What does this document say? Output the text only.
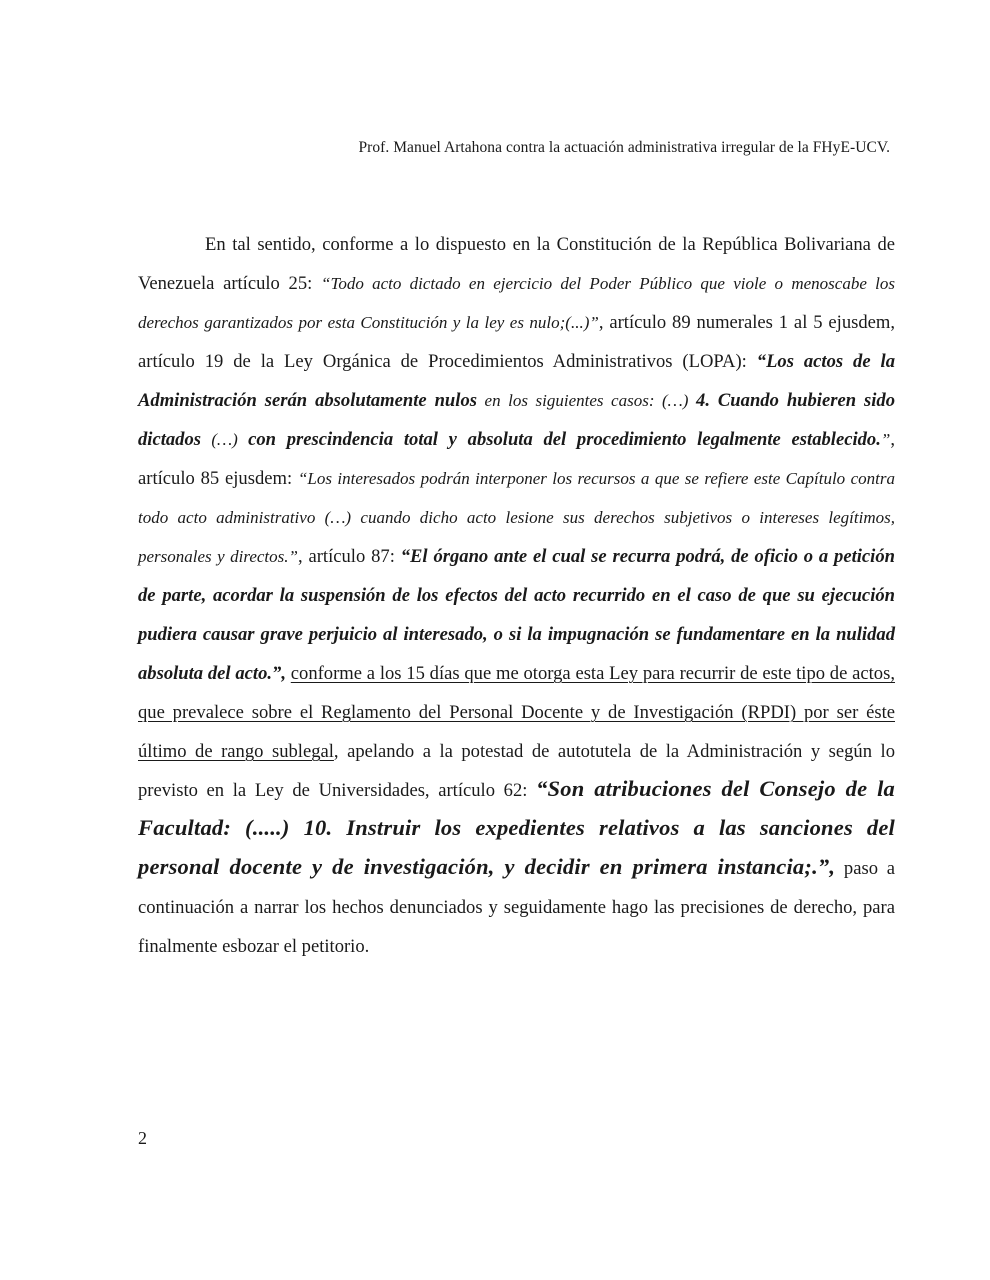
Prof. Manuel Artahona contra la actuación administrativa irregular de la FHyE-UCV.

En tal sentido, conforme a lo dispuesto en la Constitución de la República Bolivariana de Venezuela artículo 25: “Todo acto dictado en ejercicio del Poder Público que viole o menoscabe los derechos garantizados por esta Constitución y la ley es nulo;(...)”, artículo 89 numerales 1 al 5 ejusdem, artículo 19 de la Ley Orgánica de Procedimientos Administrativos (LOPA): “Los actos de la Administración serán absolutamente nulos en los siguientes casos: (…) 4. Cuando hubieren sido dictados (…) con prescindencia total y absoluta del procedimiento legalmente establecido.”, artículo 85 ejusdem: “Los interesados podrán interponer los recursos a que se refiere este Capítulo contra todo acto administrativo (…) cuando dicho acto lesione sus derechos subjetivos o intereses legítimos, personales y directos.”, artículo 87: “El órgano ante el cual se recurra podrá, de oficio o a petición de parte, acordar la suspensión de los efectos del acto recurrido en el caso de que su ejecución pudiera causar grave perjuicio al interesado, o si la impugnación se fundamentare en la nulidad absoluta del acto.”, conforme a los 15 días que me otorga esta Ley para recurrir de este tipo de actos, que prevalece sobre el Reglamento del Personal Docente y de Investigación (RPDI) por ser éste último de rango sublegal, apelando a la potestad de autotutela de la Administración y según lo previsto en la Ley de Universidades, artículo 62: “Son atribuciones del Consejo de la Facultad: (.....) 10. Instruir los expedientes relativos a las sanciones del personal docente y de investigación, y decidir en primera instancia;.”, paso a continuación a narrar los hechos denunciados y seguidamente hago las precisiones de derecho, para finalmente esbozar el petitorio.

2
